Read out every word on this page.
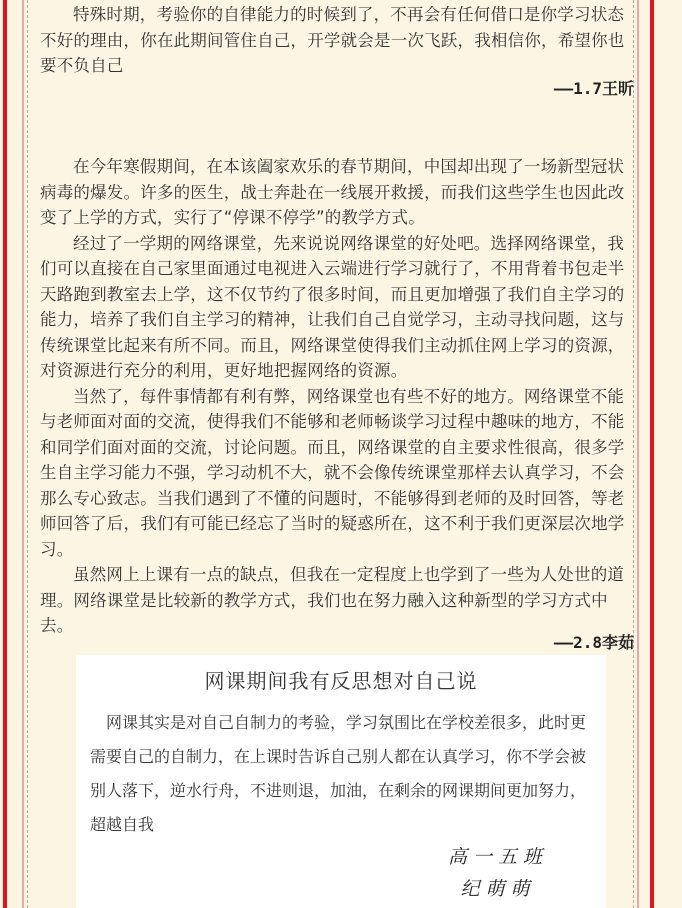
特殊时期，考验你的自律能力的时候到了，不再会有任何借口是你学习状态不好的理由，你在此期间管住自己，开学就会是一次飞跃，我相信你，希望你也要不负自己

——1.7王昕

在今年寒假期间，在本该阖家欢乐的春节期间，中国却出现了一场新型冠状病毒的爆发。许多的医生，战士奔赴在一线展开救援，而我们这些学生也因此改变了上学的方式，实行了“停课不停学”的教学方式。

经过了一学期的网络课堂，先来说说网络课堂的好处吧。选择网络课堂，我们可以直接在自己家里面通过电视进入云端进行学习就行了，不用背着书包走半天路跑到教室去上学，这不仅节约了很多时间，而且更加增强了我们自主学习的能力，培养了我们自主学习的精神，让我们自己自觉学习，主动寻找问题，这与传统课堂比起来有所不同。而且，网络课堂使得我们主动抓住网上学习的资源，对资源进行充分的利用，更好地把握网络的资源。

当然了，每件事情都有利有弊，网络课堂也有些不好的地方。网络课堂不能与老师面对面的交流，使得我们不能够和老师畅谈学习过程中趣味的地方，不能和同学们面对面的交流，讨论问题。而且，网络课堂的自主要求性很高，很多学生自主学习能力不强，学习动机不大，就不会像传统课堂那样去认真学习，不会那么专心致志。当我们遇到了不懂的问题时，不能够得到老师的及时回答，等老师回答了后，我们有可能已经忘了当时的疑惑所在，这不利于我们更深层次地学习。

虽然网上上课有一点的缺点，但我在一定程度上也学到了一些为人处世的道理。网络课堂是比较新的教学方式，我们也在努力融入这种新型的学习方式中去。

——2.8李茹
网课期间我有反思想对自己说
网课其实是对自己自制力的考验，学习氛围比在学校差很多，此时更需要自己的自制力，在上课时告诉自己别人都在认真学习，你不学会被别人落下，逆水行舟，不进则退，加油，在剩余的网课期间更加努力，超越自我
高一五班
纪萌萌
